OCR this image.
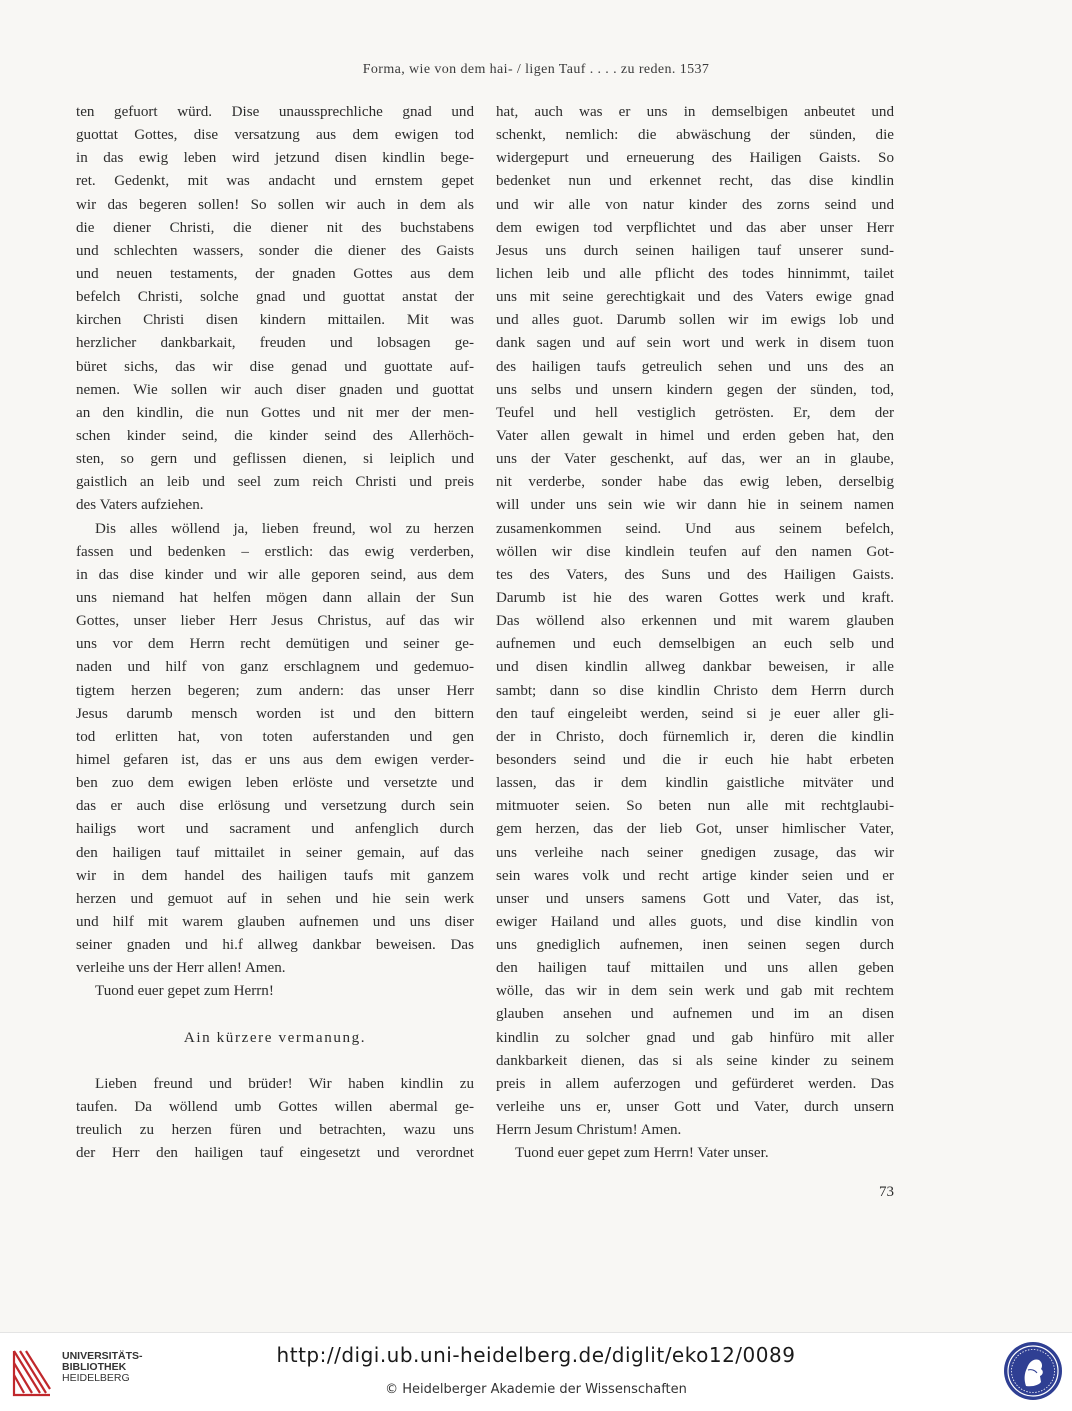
Forma, wie von dem hai- / ligen Tauf . . . . zu reden. 1537
ten gefuort würd. Dise unaussprechliche gnad und
guottat Gottes, dise versatzung aus dem ewigen tod
in das ewig leben wird jetzund disen kindlin bege-
ret. Gedenkt, mit was andacht und ernstem gepet
wir das begeren sollen! So sollen wir auch in dem als
die diener Christi, die diener nit des buchstabens
und schlechten wassers, sonder die diener des Gaists
und neuen testaments, der gnaden Gottes aus dem
befelch Christi, solche gnad und guottat anstat der
kirchen Christi disen kindern mittailen. Mit was
herzlicher dankbarkait, freuden und lobsagen ge-
büret sichs, das wir dise genad und guottate auf-
nemen. Wie sollen wir auch diser gnaden und guottat
an den kindlin, die nun Gottes und nit mer der men-
schen kinder seind, die kinder seind des Allerhöch-
sten, so gern und geflissen dienen, si leiplich und
gaistlich an leib und seel zum reich Christi und preis
des Vaters aufziehen.
Dis alles wöllend ja, lieben freund, wol zu herzen
fassen und bedenken – erstlich: das ewig verderben,
in das dise kinder und wir alle geporen seind, aus dem
uns niemand hat helfen mögen dann allain der Sun
Gottes, unser lieber Herr Jesus Christus, auf das wir
uns vor dem Herrn recht demütigen und seiner ge-
naden und hilf von ganz erschlagnem und gedemuo-
tigtem herzen begeren; zum andern: das unser Herr
Jesus darumb mensch worden ist und den bittern
tod erlitten hat, von toten auferstanden und gen
himel gefaren ist, das er uns aus dem ewigen verder-
ben zuo dem ewigen leben erlöste und versetzte und
das er auch dise erlösung und versetzung durch sein
hailigs wort und sacrament und anfenglich durch
den hailigen tauf mittailet in seiner gemain, auf das
wir in dem handel des hailigen taufs mit ganzem
herzen und gemuot auf in sehen und hie sein werk
und hilf mit warem glauben aufnemen und uns diser
seiner gnaden und hi.f allweg dankbar beweisen. Das
verleihe uns der Herr allen! Amen.
Tuond euer gepet zum Herrn!
Ain kürzere vermanung.
Lieben freund und brüder! Wir haben kindlin zu
taufen. Da wöllend umb Gottes willen abermal ge-
treulich zu herzen füren und betrachten, wazu uns
der Herr den hailigen tauf eingesetzt und verordnet
hat, auch was er uns in demselbigen anbeutet und
schenkt, nemlich: die abwäschung der sünden, die
widergepurt und erneuerung des Hailigen Gaists. So
bedenket nun und erkennet recht, das dise kindlin
und wir alle von natur kinder des zorns seind und
dem ewigen tod verpflichtet und das aber unser Herr
Jesus uns durch seinen hailigen tauf unserer sund-
lichen leib und alle pflicht des todes hinnimmt, tailet
uns mit seine gerechtigkait und des Vaters ewige gnad
und alles guot. Darumb sollen wir im ewigs lob und
dank sagen und auf sein wort und werk in disem tuon
des hailigen taufs getreulich sehen und uns des an
uns selbs und unsern kindern gegen der sünden, tod,
Teufel und hell vestiglich getrösten. Er, dem der
Vater allen gewalt in himel und erden geben hat, den
uns der Vater geschenkt, auf das, wer an in glaube,
nit verderbe, sonder habe das ewig leben, derselbig
will under uns sein wie wir dann hie in seinem namen
zusamenkommen seind. Und aus seinem befelch,
wöllen wir dise kindlein teufen auf den namen Got-
tes des Vaters, des Suns und des Hailigen Gaists.
Darumb ist hie des waren Gottes werk und kraft.
Das wöllend also erkennen und mit warem glauben
aufnemen und euch demselbigen an euch selb und
und disen kindlin allweg dankbar beweisen, ir alle
sambt; dann so dise kindlin Christo dem Herrn durch
den tauf eingeleibt werden, seind si je euer aller gli-
der in Christo, doch fürnemlich ir, deren die kindlin
besonders seind und die ir euch hie habt erbeten
lassen, das ir dem kindlin gaistliche mitväter und
mitmuoter seien. So beten nun alle mit rechtglaubi-
gem herzen, das der lieb Got, unser himlischer Vater,
uns verleihe nach seiner gnedigen zusage, das wir
sein wares volk und recht artige kinder seien und er
unser und unsers samens Gott und Vater, das ist,
ewiger Hailand und alles guots, und dise kindlin von
uns gnediglich aufnemen, inen seinen segen durch
den hailigen tauf mittailen und uns allen geben
wölle, das wir in dem sein werk und gab mit rechtem
glauben ansehen und aufnemen und im an disen
kindlin zu solcher gnad und gab hinfüro mit aller
dankbarkeit dienen, das si als seine kinder zu seinem
preis in allem auferzogen und gefürderet werden. Das
verleihe uns er, unser Gott und Vater, durch unsern
Herrn Jesum Christum! Amen.
Tuond euer gepet zum Herrn! Vater unser.
73
UNIVERSITÄTS-
BIBLIOTHEK
HEIDELBERG
http://digi.ub.uni-heidelberg.de/diglit/eko12/0089
© Heidelberger Akademie der Wissenschaften
